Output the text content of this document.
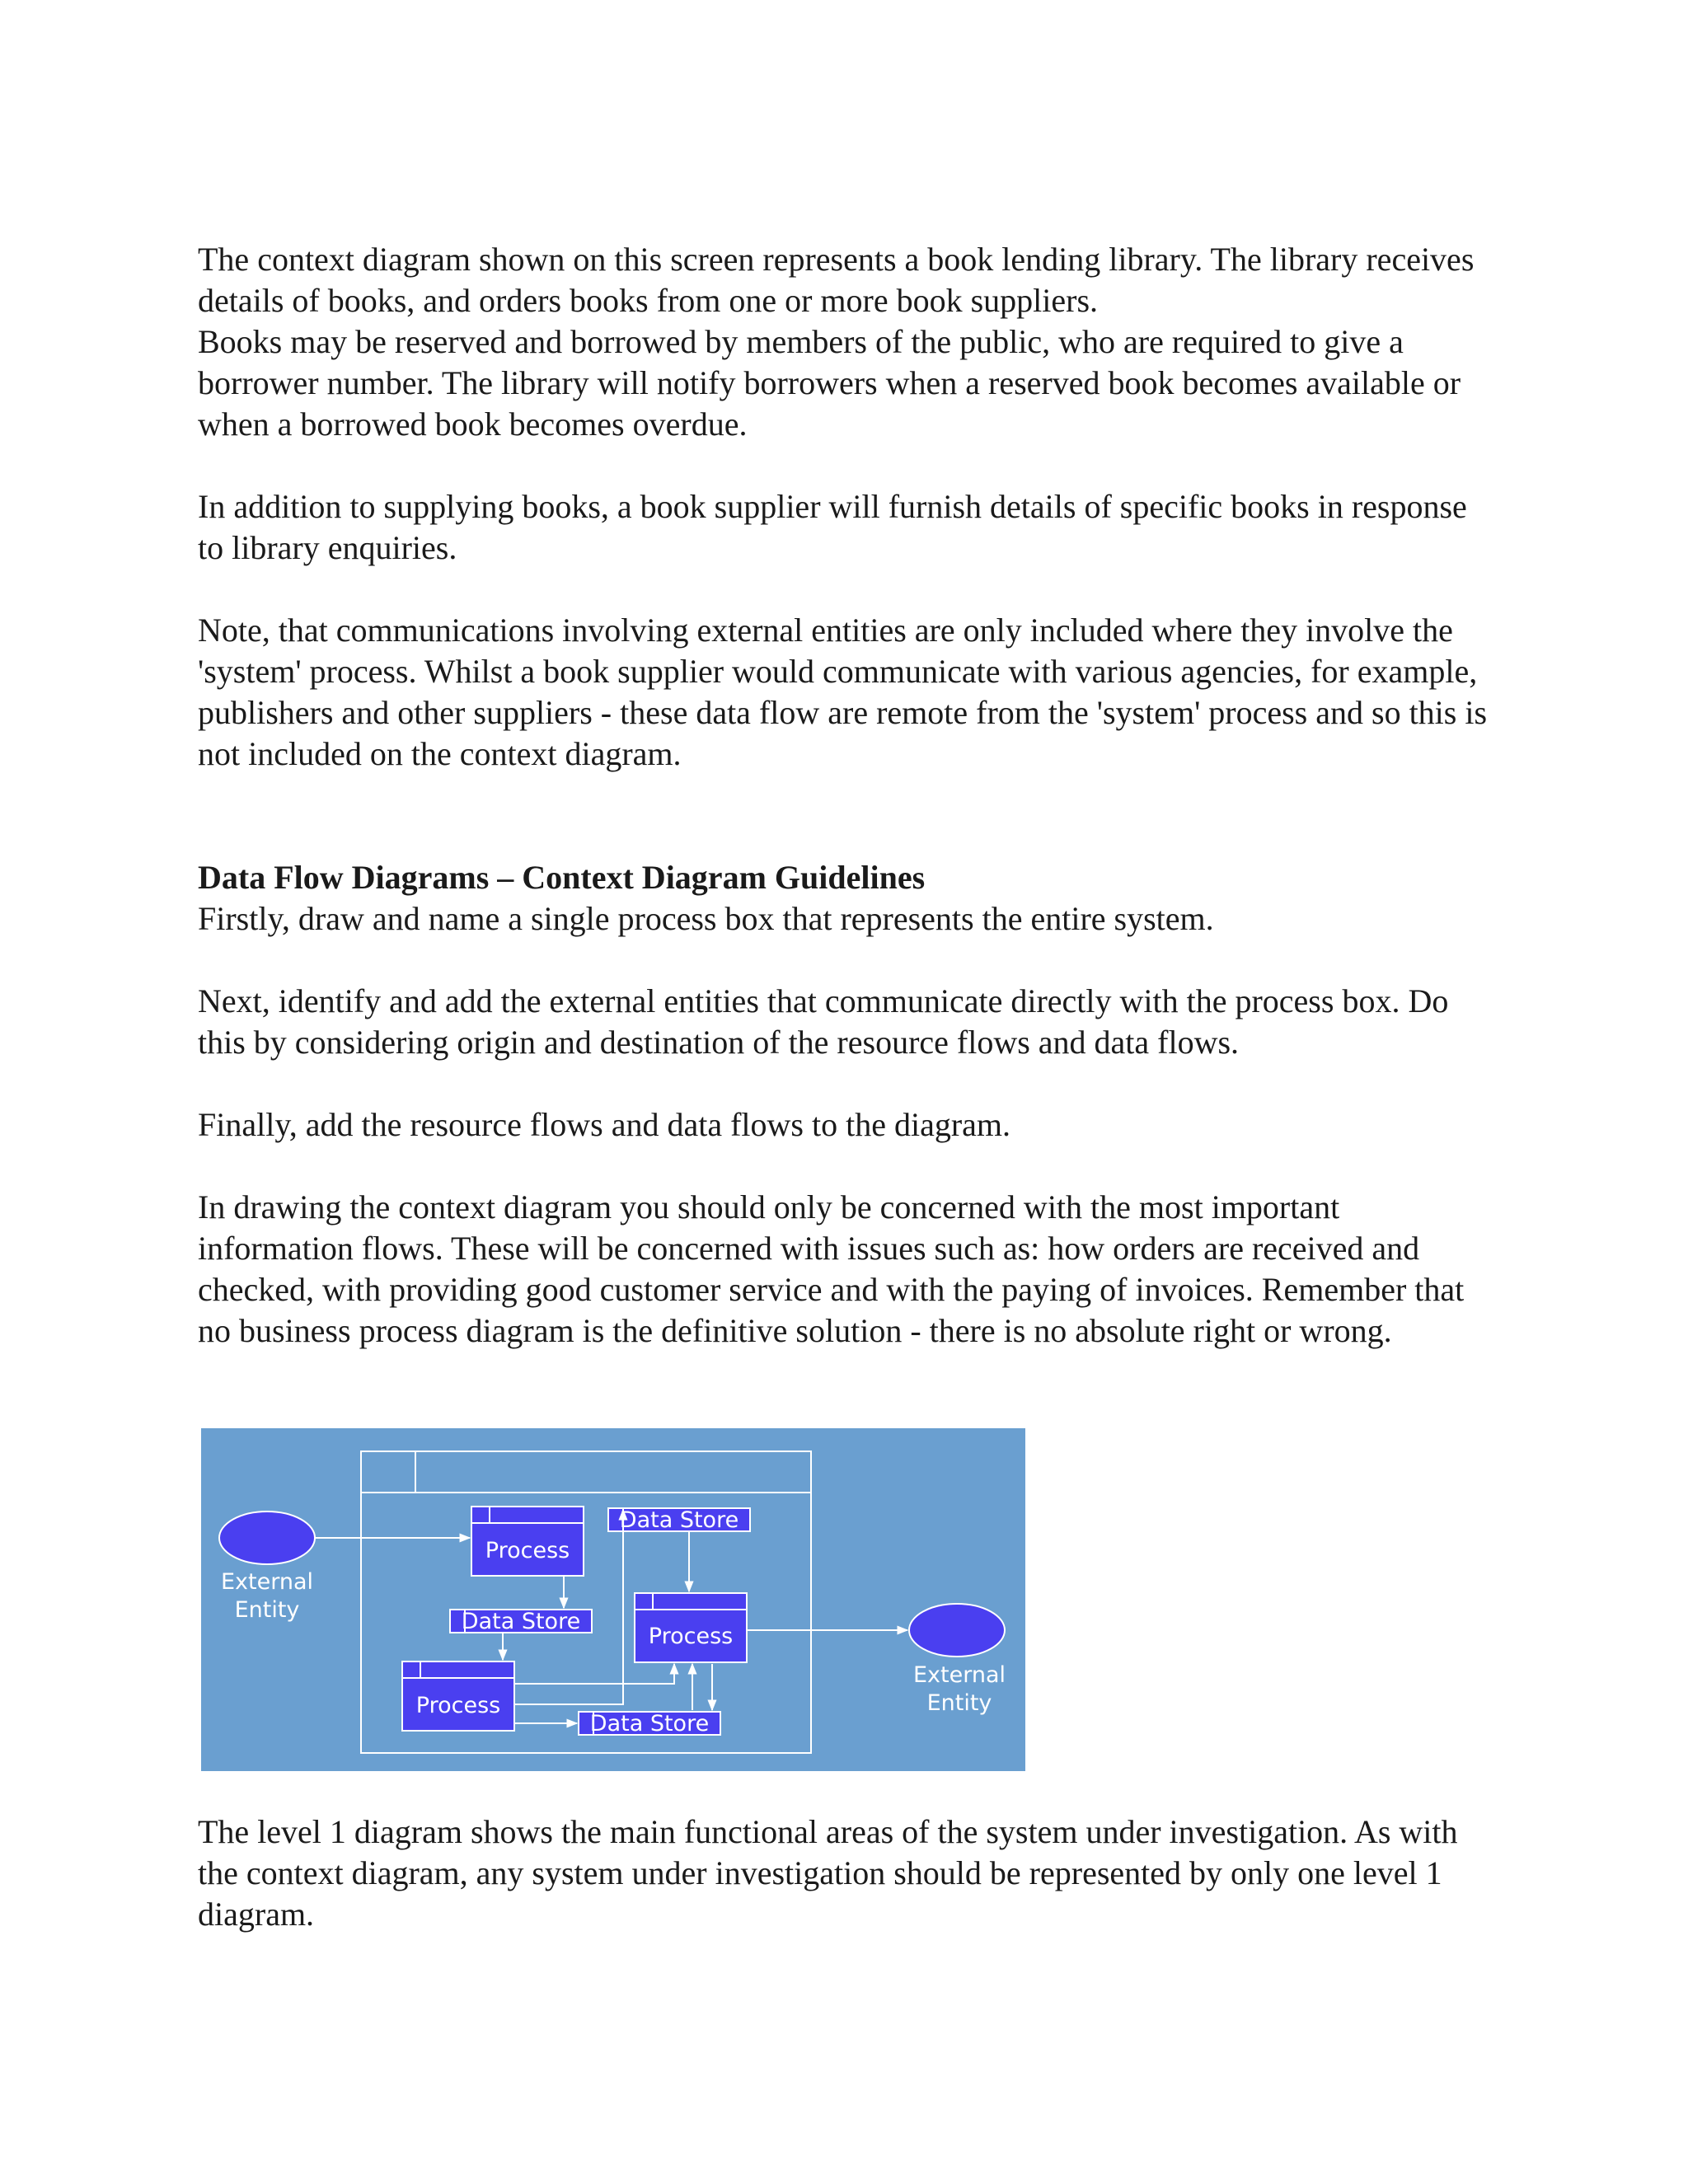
The context diagram shown on this screen represents a book lending library. The library receives details of books, and orders books from one or more book suppliers.
Books may be reserved and borrowed by members of the public, who are required to give a borrower number. The library will notify borrowers when a reserved book becomes available or when a borrowed book becomes overdue.

In addition to supplying books, a book supplier will furnish details of specific books in response to library enquiries.

Note, that communications involving external entities are only included where they involve the 'system' process. Whilst a book supplier would communicate with various agencies, for example, publishers and other suppliers - these data flow are remote from the 'system' process and so this is not included on the context diagram.

Data Flow Diagrams – Context Diagram Guidelines
Firstly, draw and name a single process box that represents the entire system.

Next, identify and add the external entities that communicate directly with the process box. Do this by considering origin and destination of the resource flows and data flows.

Finally, add the resource flows and data flows to the diagram.

In drawing the context diagram you should only be concerned with the most important information flows. These will be concerned with issues such as: how orders are received and checked, with providing good customer service and with the paying of invoices. Remember that no business process diagram is the definitive solution - there is no absolute right or wrong.

External
Entity
External
Entity
Process
Process
Process
Data Store
Data Store
Data Store

The level 1 diagram shows the main functional areas of the system under investigation. As with the context diagram, any system under investigation should be represented by only one level 1 diagram.
